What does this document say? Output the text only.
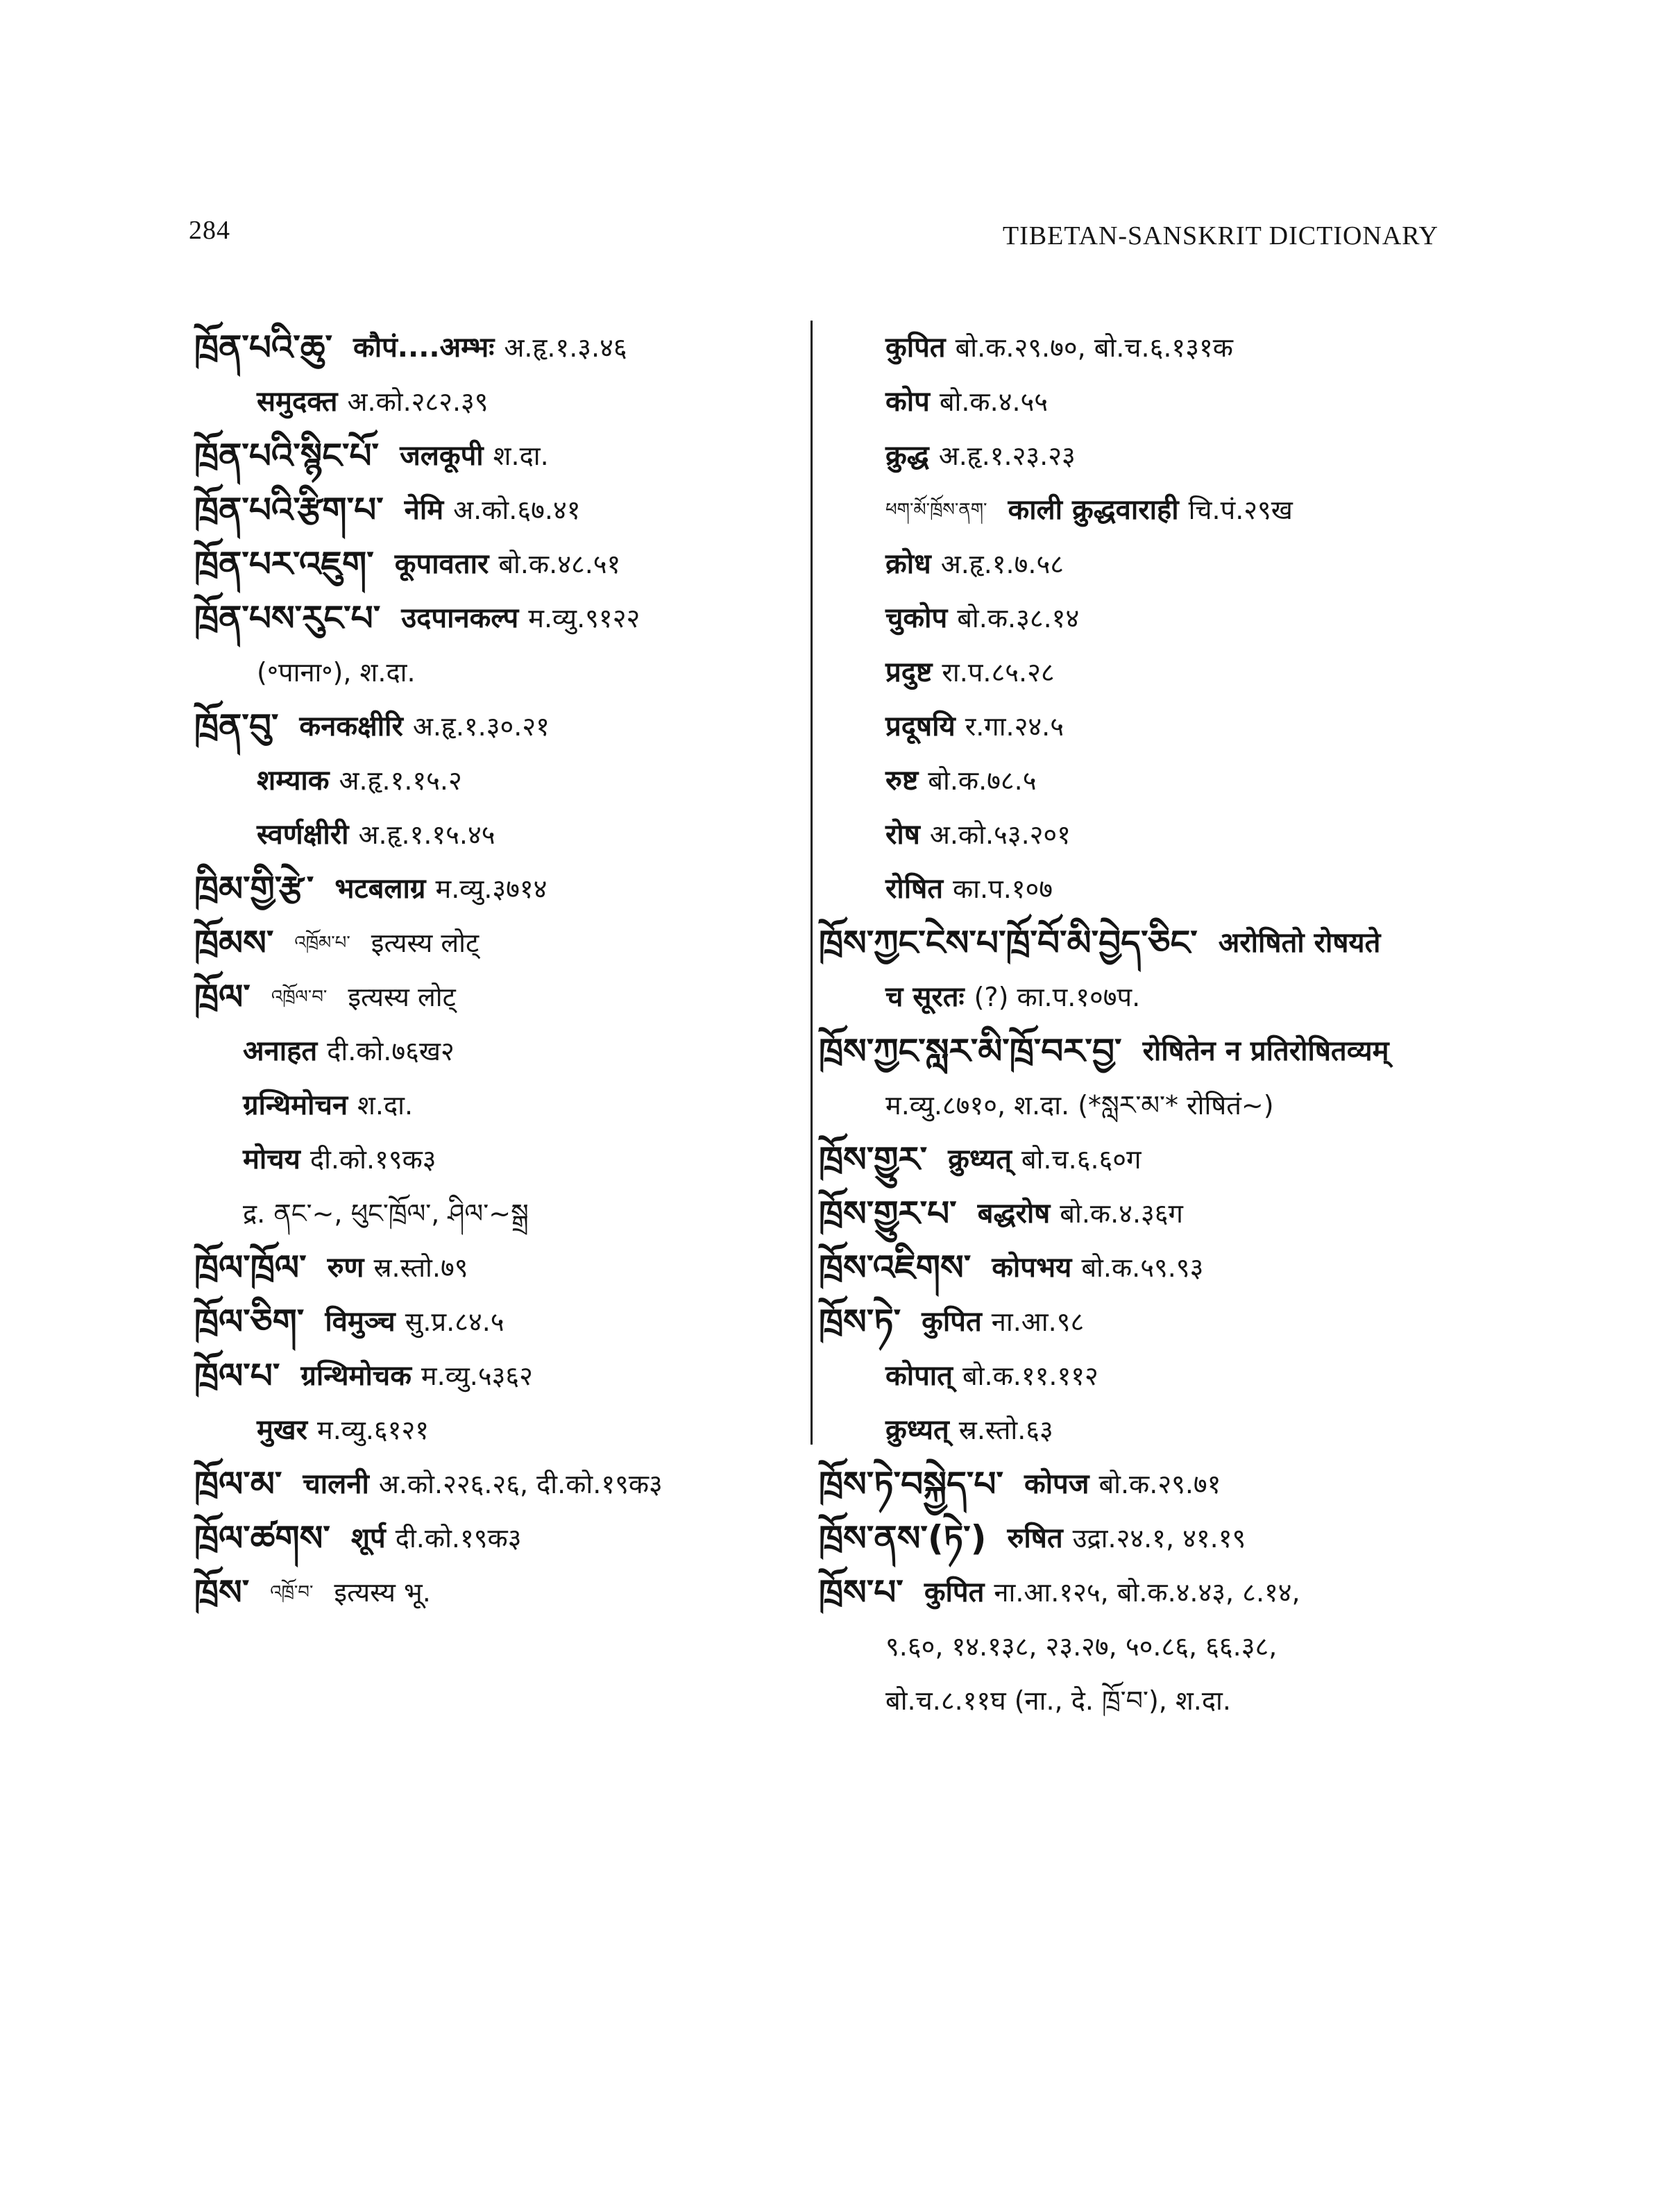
284	TIBETAN-SANSKRIT DICTIONARY
ཁྲོན་པའི་ཆུ་ कौपं....अम्भः अ.हृ.१.३.४६
समुदक्त अ.को.२८२.३९
ཁྲོན་པའི་སྙིང་པོ་ जलकूपी श.दा.
ཁྲོན་པའི་རྩིག་པ་ नेमि अ.को.६७.४१
ཁྲོན་པར་འཇུག་ कूपावतार बो.क.४८.५१
ཁྲོན་པས་རུང་པ་ उदपानकल्प म.व्यु.९१२२
(॰पाना॰), श.दा.
ཁྲོན་བུ་ कनकक्षीरि अ.हृ.१.३०.२१
शम्याक अ.हृ.१.१५.२
स्वर्णक्षीरी अ.हृ.१.१५.४५
ཁྲིམ་གྱི་རྩེ་ भटबलाग्र म.व्यु.३७१४
ཁྲོམས་ འཁྲོམ་པ་ इत्यस्य लोट्
ཁྲོལ་ འཁྲོལ་བ་ इत्यस्य लोट्
अनाहत दी.को.७६ख२
ग्रन्थिमोचन श.दा.
मोचय दी.को.१९क३
द्र. ནང་~, ཕུང་ཁྲོལ་, ཤིལ་~སྒྲ
ཁྲོལ་ཁྲོལ་ रुण स्र.स्तो.७९
ཁྲོལ་ཅིག་ विमुञ्च सु.प्र.८४.५
ཁྲོལ་པ་ ग्रन्थिमोचक म.व्यु.५३६२
मुखर म.व्यु.६१२१
ཁྲོལ་མ་ चालनी अ.को.२२६.२६, दी.को.१९क३
ཁྲོལ་ཚགས་ शूर्प दी.को.१९क३
ཁྲོས་ འཁྲོ་བ་ इत्यस्य भू.
कुपित बो.क.२९.७०, बो.च.६.१३१क
कोप बो.क.४.५५
क्रुद्ध अ.हृ.१.२३.२३
ཕག་མོ་ཁྲོས་ནག་ काली क्रुद्धवाराही चि.पं.२९ख
क्रोध अ.हृ.१.७.५८
चुकोप बो.क.३८.१४
प्रदुष्ट रा.प.८५.२८
प्रदूषयि र.गा.२४.५
रुष्ट बो.क.७८.५
रोष अ.को.५३.२०१
रोषित का.प.१०७
ཁྲོས་ཀྱང་ངེས་པ་ཁྲོ་བོ་མི་བྱེད་ཅིང་ अरोषितो रोषयते
च सूरतः (?) का.प.१०७प.
ཁྲོས་ཀྱང་སླར་མི་ཁྲོ་བར་བྱ་ रोषितेन न प्रतिरोषितव्यम्
म.व्यु.८७१०, श.दा. (*སླར་མ་* रोषितं~)
ཁྲོས་གྱུར་ क्रुध्यत् बो.च.६.६०ग
ཁྲོས་གྱུར་པ་ बद्धरोष बो.क.४.३६ग
ཁྲོས་འཇིགས་ कोपभय बो.क.५९.९३
ཁྲོས་ཏེ་ कुपित ना.आ.९८
कोपात् बो.क.११.११२
क्रुध्यत् स्र.स्तो.६३
ཁྲོས་ཏེ་བསྐྱེད་པ་ कोपज बो.क.२९.७१
ཁྲོས་ནས་(ཏེ་) रुषित उद्रा.२४.१, ४१.१९
ཁྲོས་པ་ कुपित ना.आ.१२५, बो.क.४.४३, ८.१४,
९.६०, १४.१३८, २३.२७, ५०.८६, ६६.३८,
बो.च.८.११घ (ना., दे. ཁྲོ་བ་), श.दा.
